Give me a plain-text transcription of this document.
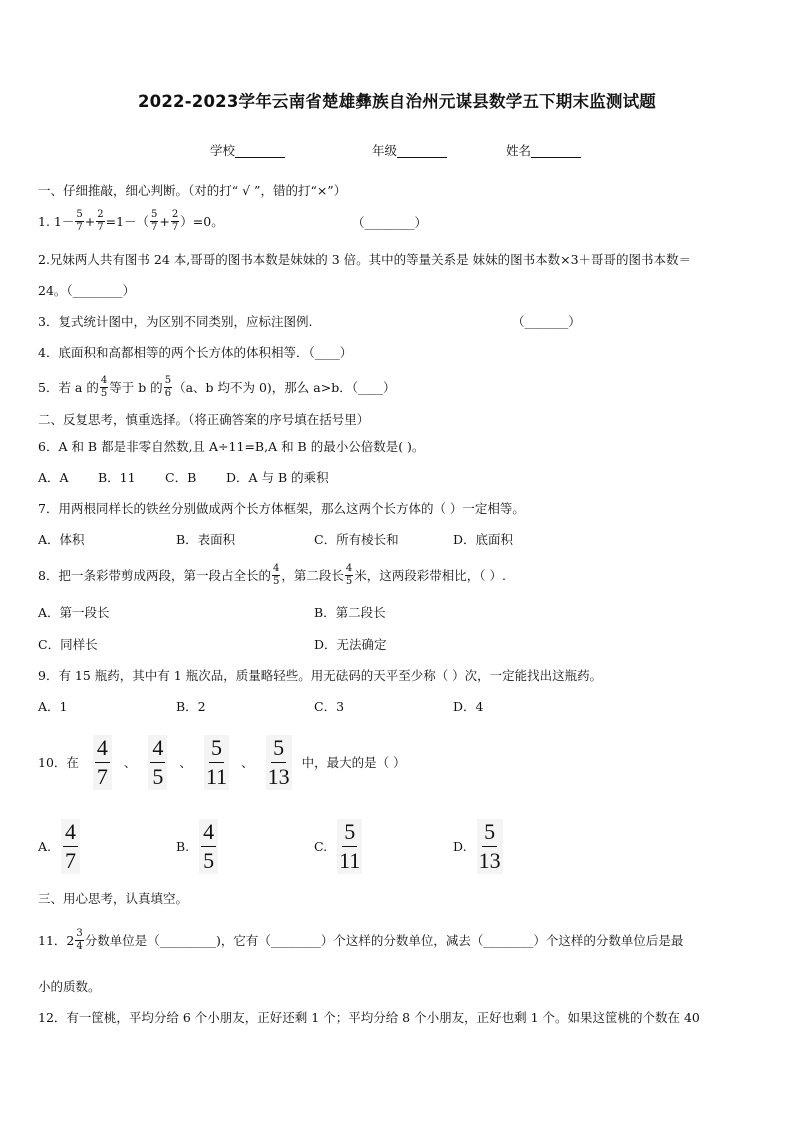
2022-2023学年云南省楚雄彝族自治州元谋县数学五下期末监测试题
学校	年级	姓名
一、仔细推敲，细心判断。（对的打“ √ ”，错的打“×”）
1. $1- \frac{5}{7} + \frac{2}{7} =1-( \frac{5}{7} + \frac{2}{7} )=0$。	（________）
2.兄妹两人共有图书 24 本,哥哥的图书本数是妹妹的 3 倍。其中的等量关系是 妹妹的图书本数×3＋哥哥的图书本数＝
24。（________）
3．复式统计图中，为区别不同类别，应标注图例.	（_______）
4．底面积和高都相等的两个长方体的体积相等．（____）
5．若 a 的 $\frac{4}{5}$ 等于 b 的 $\frac{5}{6} (a$、b 均不为 0)，那么 a>b．（____）
二、反复思考，慎重选择。（将正确答案的序号填在括号里）
6．A 和 B 都是非零自然数,且 A÷11=B,A 和 B 的最小公倍数是( )。
A．A B．11 C．B D．A 与 B 的乘积
7．用两根同样长的铁丝分别做成两个长方体框架，那么这两个长方体的（ ）一定相等。
A．体积	B．表面积	C．所有棱长和	D．底面积
8．把一条彩带剪成两段，第一段占全长的 $\frac{4}{5}$ ，第二段长 $\frac{4}{5}$ 米，这两段彩带相比，（ ）.
A．第一段长	B．第二段长
C．同样长	D．无法确定
9．有 15 瓶药，其中有 1 瓶次品，质量略轻些。用无砝码的天平至少称（ ）次，一定能找出这瓶药。
A．1	B．2	C．3	D．4
10．在
4
7
、
4
5
、
5
11
、
5
13
中，最大的是（ ）
A.
4
7
B.
4
5
C.
5
11
D.
5
13
三、用心思考，认真填空。
11．$2 \frac{3}{4}$ 分数单位是（_________)，它有（________）个这样的分数单位，减去（________）个这样的分数单位后是最
小的质数。
12．有一筐桃，平均分给 6 个小朋友，正好还剩 1 个；平均分给 8 个小朋友，正好也剩 1 个。如果这筐桃的个数在 40
